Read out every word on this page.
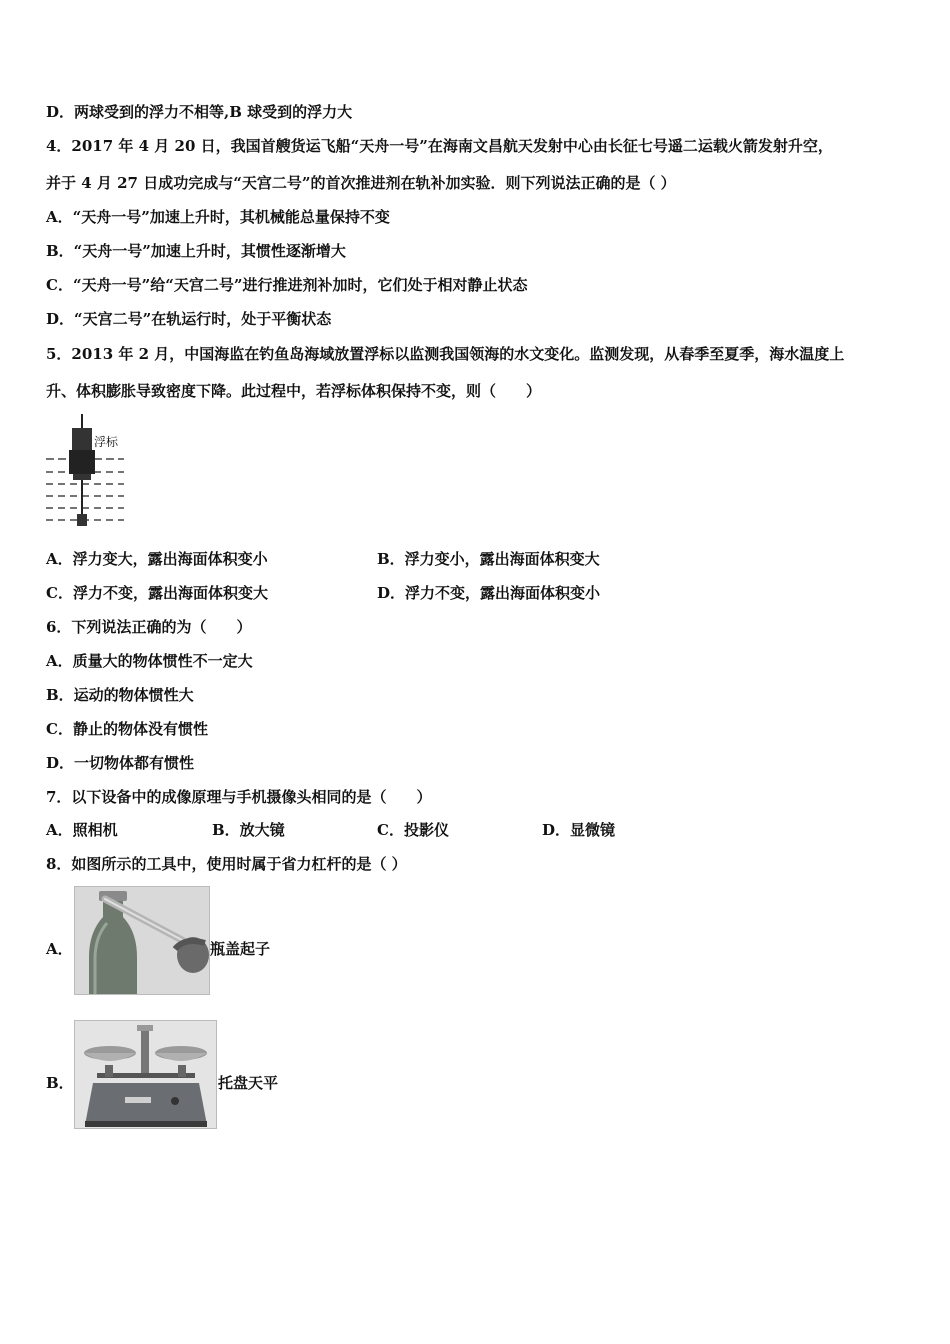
D．两球受到的浮力不相等,B 球受到的浮力大
4．2017 年 4 月 20 日，我国首艘货运飞船“天舟一号”在海南文昌航天发射中心由长征七号遥二运载火箭发射升空，
并于 4 月 27 日成功完成与“天宫二号”的首次推进剂在轨补加实验．则下列说法正确的是（ ）
A．“天舟一号”加速上升时，其机械能总量保持不变
B．“天舟一号”加速上升时，其惯性逐渐增大
C．“天舟一号”给“天宫二号”进行推进剂补加时，它们处于相对静止状态
D．“天宫二号”在轨运行时，处于平衡状态
5．2013 年 2 月，中国海监在钓鱼岛海域放置浮标以监测我国领海的水文变化。监测发现，从春季至夏季，海水温度上
升、体积膨胀导致密度下降。此过程中，若浮标体积保持不变，则（　　）
浮标
A．浮力变大，露出海面体积变小	B．浮力变小，露出海面体积变大
C．浮力不变，露出海面体积变大	D．浮力不变，露出海面体积变小
6．下列说法正确的为（　　）
A．质量大的物体惯性不一定大
B．运动的物体惯性大
C．静止的物体没有惯性
D．一切物体都有惯性
7．以下设备中的成像原理与手机摄像头相同的是（　　）
A．照相机	B．放大镜	C．投影仪	D．显微镜
8．如图所示的工具中，使用时属于省力杠杆的是（ ）
A．	瓶盖起子
B．	托盘天平
